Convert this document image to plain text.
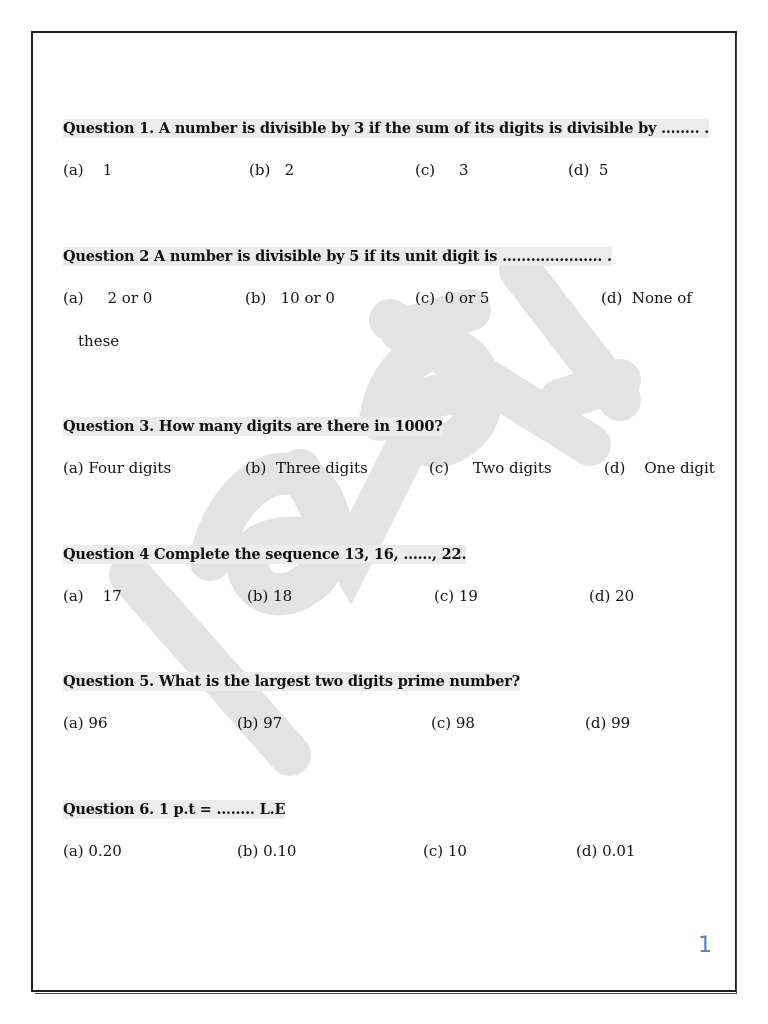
Question 1. A number is divisible by 3 if the sum of its digits is divisible by …….. .
(a)    1	(b)   2	(c)     3	(d)  5
Question 2 A number is divisible by 5 if its unit digit is ………………… .
(a)     2 or 0	(b)   10 or 0	(c)  0 or 5	(d)  None of
these
Question 3. How many digits are there in 1000?
(a) Four digits	(b)  Three digits	(c)     Two digits	(d)    One digit
Question 4 Complete the sequence 13, 16, ……, 22.
(a)    17	(b) 18	(c) 19	(d) 20
Question 5. What is the largest two digits prime number?
(a) 96	(b) 97	(c) 98	(d) 99
Question 6. 1 p.t = …….. L.E
(a) 0.20	(b) 0.10	(c) 10	(d) 0.01
1
